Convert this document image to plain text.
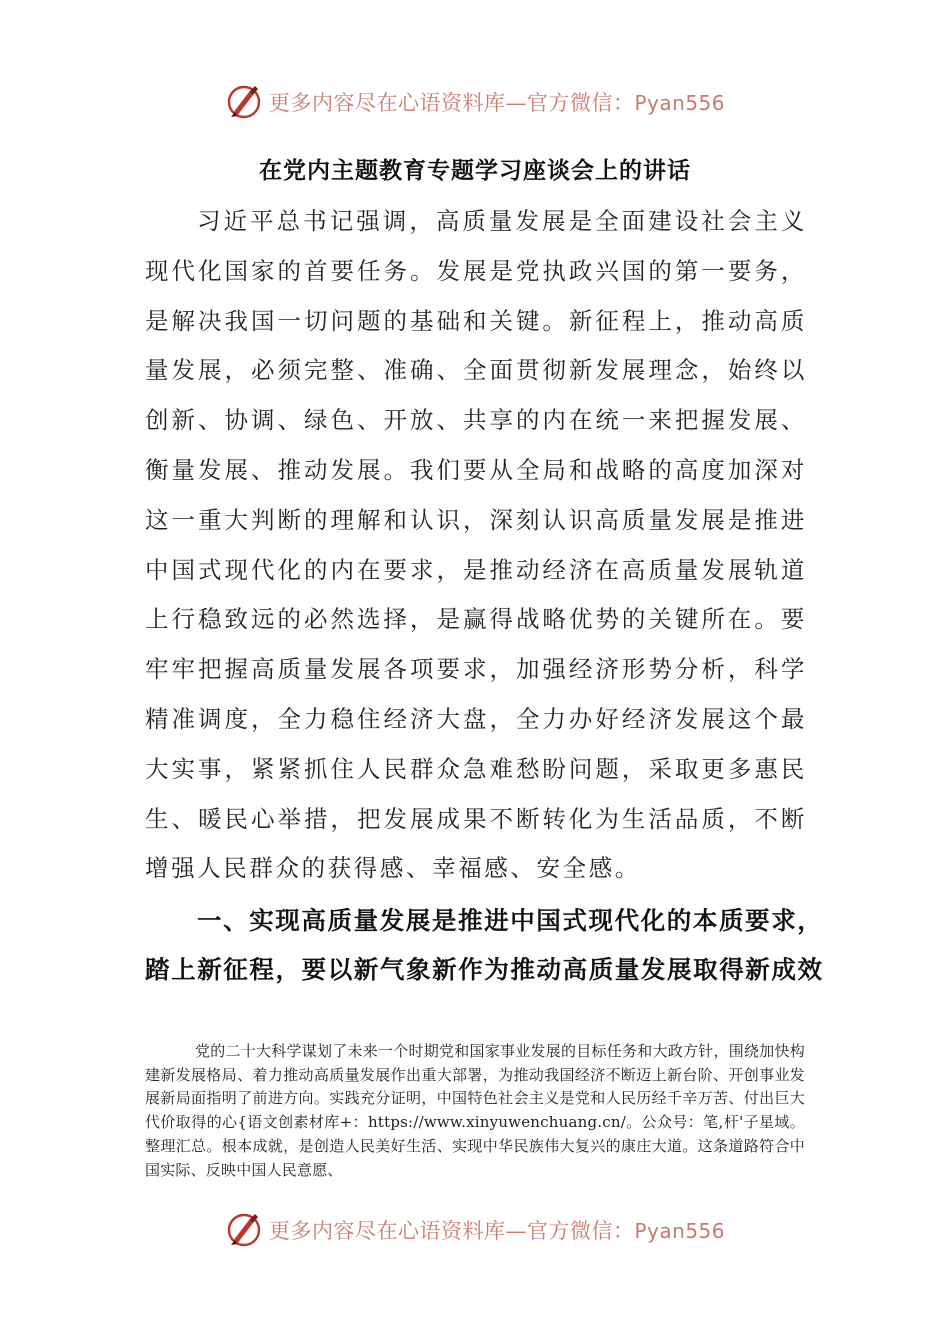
更多内容尽在心语资料库—官方微信：Pyan556
在党内主题教育专题学习座谈会上的讲话

习近平总书记强调，高质量发展是全面建设社会主义现代化国家的首要任务。发展是党执政兴国的第一要务，是解决我国一切问题的基础和关键。新征程上，推动高质量发展，必须完整、准确、全面贯彻新发展理念，始终以创新、协调、绿色、开放、共享的内在统一来把握发展、衡量发展、推动发展。我们要从全局和战略的高度加深对这一重大判断的理解和认识，深刻认识高质量发展是推进中国式现代化的内在要求，是推动经济在高质量发展轨道上行稳致远的必然选择，是赢得战略优势的关键所在。要牢牢把握高质量发展各项要求，加强经济形势分析，科学精准调度，全力稳住经济大盘，全力办好经济发展这个最大实事，紧紧抓住人民群众急难愁盼问题，采取更多惠民生、暖民心举措，把发展成果不断转化为生活品质，不断增强人民群众的获得感、幸福感、安全感。

一、实现高质量发展是推进中国式现代化的本质要求，踏上新征程，要以新气象新作为推动高质量发展取得新成效

党的二十大科学谋划了未来一个时期党和国家事业发展的目标任务和大政方针，围绕加快构建新发展格局、着力推动高质量发展作出重大部署，为推动我国经济不断迈上新台阶、开创事业发展新局面指明了前进方向。实践充分证明，中国特色社会主义是党和人民历经千辛万苦、付出巨大代价取得的心{语文创素材库+：https://www.xinyuwenchuang.cn/。公众号：笔,杆'子星域。整理汇总。根本成就，是创造人民美好生活、实现中华民族伟大复兴的康庄大道。这条道路符合中国实际、反映中国人民意愿、

更多内容尽在心语资料库—官方微信：Pyan556
